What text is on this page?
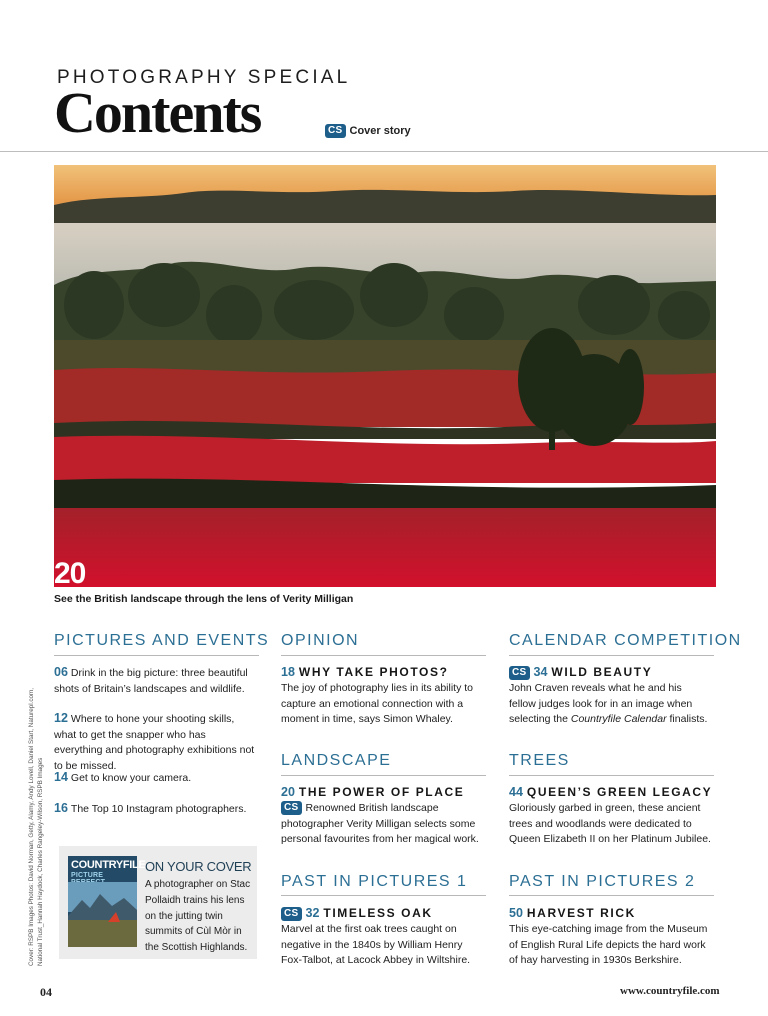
PHOTOGRAPHY SPECIAL
Contents	CS Cover story
20
See the British landscape through the lens of Verity Milligan
PICTURES AND EVENTS
06 Drink in the big picture: three beautiful shots of Britain’s landscapes and wildlife.
12 Where to hone your shooting skills, what to get the snapper who has everything and photography exhibitions not to be missed.
14 Get to know your camera.
16 The Top 10 Instagram photographers.
COUNTRYFILE
PICTURE
ON YOUR COVER
A photographer on Stac Pollaidh trains his lens on the jutting twin summits of Cùl Mòr in the Scottish Highlands.
OPINION
18 WHY TAKE PHOTOS?
The joy of photography lies in its ability to capture an emotional connection with a moment in time, says Simon Whaley.
LANDSCAPE
20 THE POWER OF PLACE
CS Renowned British landscape photographer Verity Milligan selects some personal favourites from her magical work.
PAST IN PICTURES 1
CS 32 TIMELESS OAK
Marvel at the first oak trees caught on negative in the 1840s by William Henry Fox-Talbot, at Lacock Abbey in Wiltshire.
CALENDAR COMPETITION
CS 34 WILD BEAUTY
John Craven reveals what he and his fellow judges look for in an image when selecting the Countryfile Calendar finalists.
TREES
44 QUEEN’S GREEN LEGACY
Gloriously garbed in green, these ancient trees and woodlands were dedicated to Queen Elizabeth II on her Platinum Jubilee.
PAST IN PICTURES 2
50 HARVEST RICK
This eye-catching image from the Museum of English Rural Life depicts the hard work of hay harvesting in 1930s Berkshire.
Cover: RSPB Images Photos: David Norman, Getty, Alamy, Andy Lovell, Daniel Start, Naturepl.com, National Trust_Hannah Haydock, Charles Rangeley-Wilson, RSPB Images
04	www.countryfile.com
